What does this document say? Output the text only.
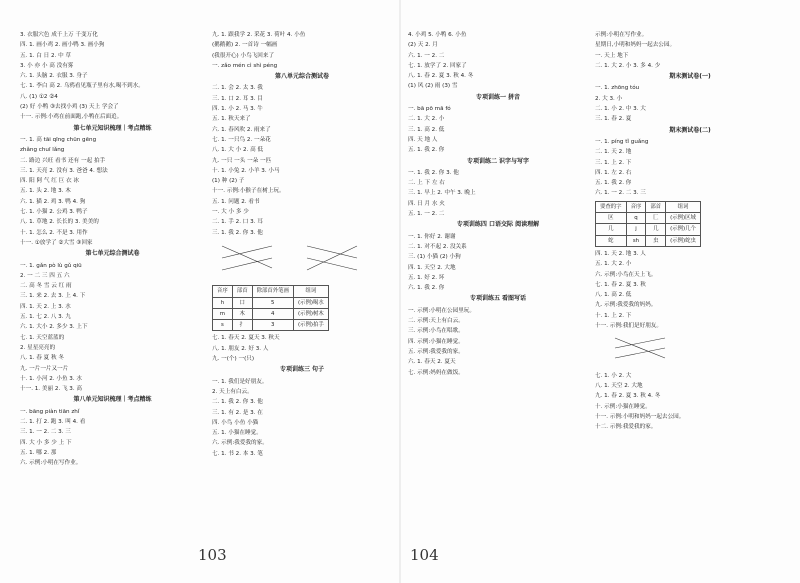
3. 衣服穴色 成千上万 千变万化

四. 1. 画小鸡 2. 画小鸭 3. 画小狗

五. 1. 白 日 2. 中 草

3. 小 亦 小 高 没有雾

六. 1. 头脑 2. 衣服 3. 身子

七. 1. 李白 高 2. 乌鸦看见瓶子里有水,喝不到水。

八. (1) ①2 ②4

(2) 好 小鸭 ③去找小鸡 (3) 天上 学会了

十一. 示例:小鸡在前面跑,小鸭在后面追。

第七单元知识梳理｜考点精练

一. 1. 高 tāi qīng chūn gēng

zhǎng chuī lǎng

二. 路边 兴旺 看书 还有 一起 拍手

三. 1. 天亮 2. 没有 3. 爸爸 4. 想法

四. 阳 阿 气 红 巨 衣 冰

五. 1. 头 2. 地 3. 木

六. 1. 猫 2. 鸡 3. 鸭 4. 狗

七. 1. 小猫 2. 公鸡 3. 鸭子

八. 1. 草地 2. 长长的 3. 美美的

十. 1. 怎么 2. 不是 3. 用作

十一. ①放学了 ②大雪 ③回家

第七单元综合测试卷

一. 1. gǎn pò lù gǔ qiū

2. 一 二 三 四 五 六

二. 高 冬 雪 云 红 雨

三. 1. 来 2. 去 3. 上 4. 下

四. 1. 天 2. 上 3. 水

五. 1. 七 2. 八 3. 九

六. 1. 大小 2. 多少 3. 上下

七. 1. 天空蓝蓝的

2. 星星亮亮的

八. 1. 春 夏 秋 冬

九. 一片一片又一片

十. 1. 小河 2. 小鱼 3. 水

十一. 1. 美丽 2. 飞 3. 高

第八单元知识梳理｜考点精练

一. bāng piàn tiān zhǐ

二. 1. 打 2. 跑 3. 叫 4. 看

三. 1. 一 2. 二 3. 三

四. 大 小 多 少 上 下

五. 1. 哪 2. 那

六. 示例:小明在写作业。

九. 1. 跟我学 2. 采花 3. 荷叶 4. 小鱼

(鹅鹅鹅) 2. 一首诗 一幅画

(我很开心) 小鸟飞回来了

一. zǎo mén cì shì péng

第八单元综合测试卷

二. 1. 会 2. 太 3. 我

三. 1. 口 2. 耳 3. 目

四. 1. 小 2. 马 3. 牛

五. 1. 秋天来了

六. 1. 春风吹 2. 雨来了

七. 1. 一只鸟 2. 一朵花

八. 1. 大 小 2. 高 低

九. 一只 一头 一朵 一匹

十. 1. 小兔 2. 小羊 3. 小马

(1) 种 (2) 子

十一. 示例:小猴子在树上玩。

五. 1. 问题 2. 看书

一. 大 小 多 少

二. 1. 手 2. 口 3. 耳

三. 1. 我 2. 你 3. 他

音序	部首	除部首外笔画	组词
h	口	5	(示例)喝水
m	木	4	(示例)树木
s	扌	3	(示例)拍手

七. 1. 春天 2. 夏天 3. 秋天

八. 1. 朋友 2. 好 3. 人

九. 一(个) 一(只)

专项训练三 句子

一. 1. 我们是好朋友。

2. 天上有白云。

二. 1. 我 2. 你 3. 他

三. 1. 有 2. 是 3. 在

四. 小鸟 小鱼 小猫

五. 1. 小猫在睡觉。

六. 示例:我爱我的家。

七. 1. 书 2. 本 3. 笔

103

4. 小鸡 5. 小鸭 6. 小鱼

(2) 天 2. 月

六. 1. 一 2. 二

七. 1. 放学了 2. 回家了

八. 1. 春 2. 夏 3. 秋 4. 冬

(1) 风 (2) 雨 (3) 雪

专项训练一 拼音

一. bā pō mā fó

二. 1. 大 2. 小

三. 1. 高 2. 低

四. 天 地 人

五. 1. 我 2. 你

专项训练二 识字与写字

一. 1. 我 2. 你 3. 他

二. 上 下 左 右

三. 1. 早上 2. 中午 3. 晚上

四. 日 月 水 火

五. 1. 一 2. 二

专项训练四 口语交际 阅读理解

一. 1. 你好 2. 谢谢

二. 1. 对不起 2. 没关系

三. (1) 小猫 (2) 小狗

四. 1. 天空 2. 大地

五. 1. 好 2. 坏

六. 1. 我 2. 你

专项训练五 看图写话

一. 示例:小明在公园里玩。

二. 示例:天上有白云。

三. 示例:小鸟在唱歌。

四. 示例:小猫在睡觉。

五. 示例:我爱我的家。

六. 1. 春天 2. 夏天

七. 示例:妈妈在做饭。

示例:小明在写作业。

星期日,小明和妈妈一起去公园。

一. 天上 地下

二. 1. 大 2. 小 3. 多 4. 少

期末测试卷(一)

一. 1. zhōng tóu

2. 大 3. 小

二. 1. 小 2. 中 3. 大

三. 1. 春 2. 夏

期末测试卷(二)

一. 1. píng tǐ guǎng

二. 1. 天 2. 地

三. 1. 上 2. 下

四. 1. 左 2. 右

五. 1. 我 2. 你

六. 1. 一 2. 二 3. 三

要查的字	音序	部首	组词
区	q	匚	(示例)区域
几	j	几	(示例)几个
蛇	sh	虫	(示例)蛇虫

四. 1. 天 2. 地 3. 人

五. 1. 大 2. 小

六. 示例:小鸟在天上飞。

七. 1. 春 2. 夏 3. 秋

八. 1. 高 2. 低

九. 示例:我爱我的妈妈。

十. 1. 上 2. 下

十一. 示例:我们是好朋友。

七. 1. 小 2. 大

八. 1. 天空 2. 大地

九. 1. 春 2. 夏 3. 秋 4. 冬

十. 示例:小猫在睡觉。

十一. 示例:小明和妈妈一起去公园。

十二. 示例:我爱我的家。

104
